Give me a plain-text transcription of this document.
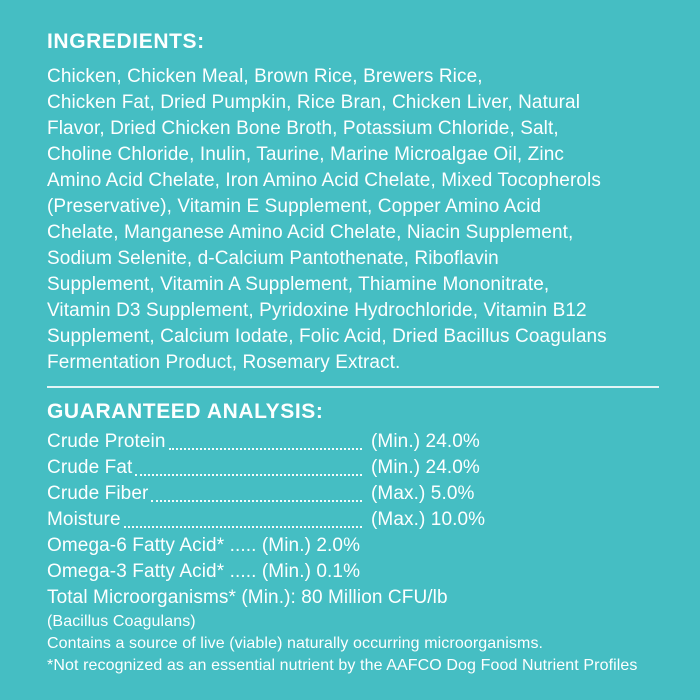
INGREDIENTS:
Chicken, Chicken Meal, Brown Rice, Brewers Rice,
Chicken Fat, Dried Pumpkin, Rice Bran, Chicken Liver, Natural
Flavor, Dried Chicken Bone Broth, Potassium Chloride, Salt,
Choline Chloride, Inulin, Taurine, Marine Microalgae Oil, Zinc
Amino Acid Chelate, Iron Amino Acid Chelate, Mixed Tocopherols
(Preservative), Vitamin E Supplement, Copper Amino Acid
Chelate, Manganese Amino Acid Chelate, Niacin Supplement,
Sodium Selenite, d-Calcium Pantothenate, Riboflavin
Supplement, Vitamin A Supplement, Thiamine Mononitrate,
Vitamin D3 Supplement, Pyridoxine Hydrochloride, Vitamin B12
Supplement, Calcium Iodate, Folic Acid, Dried Bacillus Coagulans
Fermentation Product, Rosemary Extract.
GUARANTEED ANALYSIS:
Crude Protein	(Min.) 24.0%
Crude Fat	(Min.) 24.0%
Crude Fiber	(Max.) 5.0%
Moisture	(Max.) 10.0%
Omega-6 Fatty Acid* ..... (Min.) 2.0%
Omega-3 Fatty Acid* ..... (Min.) 0.1%
Total Microorganisms* (Min.): 80 Million CFU/lb
(Bacillus Coagulans)
Contains a source of live (viable) naturally occurring microorganisms.
*Not recognized as an essential nutrient by the AAFCO Dog Food Nutrient Profiles
